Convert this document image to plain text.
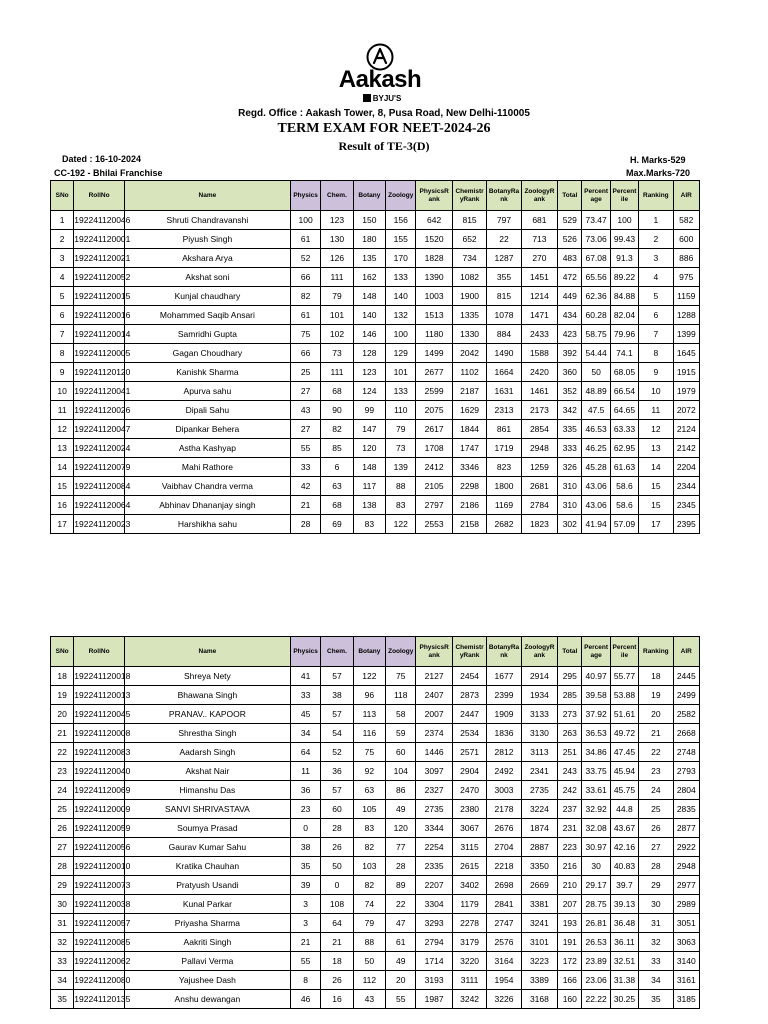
Aakash
BYJU'S
Regd. Office : Aakash Tower, 8, Pusa Road, New Delhi-110005
TERM EXAM FOR NEET-2024-26
Result of TE-3(D)
Dated : 16-10-2024
CC-192 - Bhilai Franchise
H. Marks-529
Max.Marks-720
SNo	RollNo	Name	Physics	Chem.	Botany	Zoology	PhysicsR ank	Chemistr yRank	BotanyRa nk	ZoologyR ank	Total	Percent age	Percent ile	Ranking	AIR
1	192241120046	Shruti Chandravanshi	100	123	150	156	642	815	797	681	529	73.47	100	1	582
2	192241120001	Piyush Singh	61	130	180	155	1520	652	22	713	526	73.06	99.43	2	600
3	192241120021	Akshara Arya	52	126	135	170	1828	734	1287	270	483	67.08	91.3	3	886
4	192241120052	Akshat soni	66	111	162	133	1390	1082	355	1451	472	65.56	89.22	4	975
5	192241120015	Kunjal chaudhary	82	79	148	140	1003	1900	815	1214	449	62.36	84.88	5	1159
6	192241120016	Mohammed Saqib Ansari	61	101	140	132	1513	1335	1078	1471	434	60.28	82.04	6	1288
7	192241120014	Samridhi Gupta	75	102	146	100	1180	1330	884	2433	423	58.75	79.96	7	1399
8	192241120005	Gagan Choudhary	66	73	128	129	1499	2042	1490	1588	392	54.44	74.1	8	1645
9	192241120120	Kanishk Sharma	25	111	123	101	2677	1102	1664	2420	360	50	68.05	9	1915
10	192241120041	Apurva sahu	27	68	124	133	2599	2187	1631	1461	352	48.89	66.54	10	1979
11	192241120026	Dipali Sahu	43	90	99	110	2075	1629	2313	2173	342	47.5	64.65	11	2072
12	192241120047	Dipankar Behera	27	82	147	79	2617	1844	861	2854	335	46.53	63.33	12	2124
13	192241120024	Astha Kashyap	55	85	120	73	1708	1747	1719	2948	333	46.25	62.95	13	2142
14	192241120079	Mahi Rathore	33	6	148	139	2412	3346	823	1259	326	45.28	61.63	14	2204
15	192241120084	Vaibhav Chandra verma	42	63	117	88	2105	2298	1800	2681	310	43.06	58.6	15	2344
16	192241120064	Abhinav Dhananjay singh	21	68	138	83	2797	2186	1169	2784	310	43.06	58.6	15	2345
17	192241120023	Harshikha sahu	28	69	83	122	2553	2158	2682	1823	302	41.94	57.09	17	2395
SNo	RollNo	Name	Physics	Chem.	Botany	Zoology	PhysicsR ank	Chemistr yRank	BotanyRa nk	ZoologyR ank	Total	Percent age	Percent ile	Ranking	AIR
18	192241120018	Shreya Nety	41	57	122	75	2127	2454	1677	2914	295	40.97	55.77	18	2445
19	192241120013	Bhawana Singh	33	38	96	118	2407	2873	2399	1934	285	39.58	53.88	19	2499
20	192241120045	PRANAV.. KAPOOR	45	57	113	58	2007	2447	1909	3133	273	37.92	51.61	20	2582
21	192241120008	Shrestha Singh	34	54	116	59	2374	2534	1836	3130	263	36.53	49.72	21	2668
22	192241120083	Aadarsh Singh	64	52	75	60	1446	2571	2812	3113	251	34.86	47.45	22	2748
23	192241120040	Akshat Nair	11	36	92	104	3097	2904	2492	2341	243	33.75	45.94	23	2793
24	192241120069	Himanshu Das	36	57	63	86	2327	2470	3003	2735	242	33.61	45.75	24	2804
25	192241120009	SANVI SHRIVASTAVA	23	60	105	49	2735	2380	2178	3224	237	32.92	44.8	25	2835
26	192241120059	Soumya Prasad	0	28	83	120	3344	3067	2676	1874	231	32.08	43.67	26	2877
27	192241120056	Gaurav Kumar Sahu	38	26	82	77	2254	3115	2704	2887	223	30.97	42.16	27	2922
28	192241120010	Kratika Chauhan	35	50	103	28	2335	2615	2218	3350	216	30	40.83	28	2948
29	192241120073	Pratyush Usandi	39	0	82	89	2207	3402	2698	2669	210	29.17	39.7	29	2977
30	192241120038	Kunal Parkar	3	108	74	22	3304	1179	2841	3381	207	28.75	39.13	30	2989
31	192241120057	Priyasha Sharma	3	64	79	47	3293	2278	2747	3241	193	26.81	36.48	31	3051
32	192241120085	Aakriti Singh	21	21	88	61	2794	3179	2576	3101	191	26.53	36.11	32	3063
33	192241120062	Pallavi Verma	55	18	50	49	1714	3220	3164	3223	172	23.89	32.51	33	3140
34	192241120080	Yajushee Dash	8	26	112	20	3193	3111	1954	3389	166	23.06	31.38	34	3161
35	192241120135	Anshu dewangan	46	16	43	55	1987	3242	3226	3168	160	22.22	30.25	35	3185
